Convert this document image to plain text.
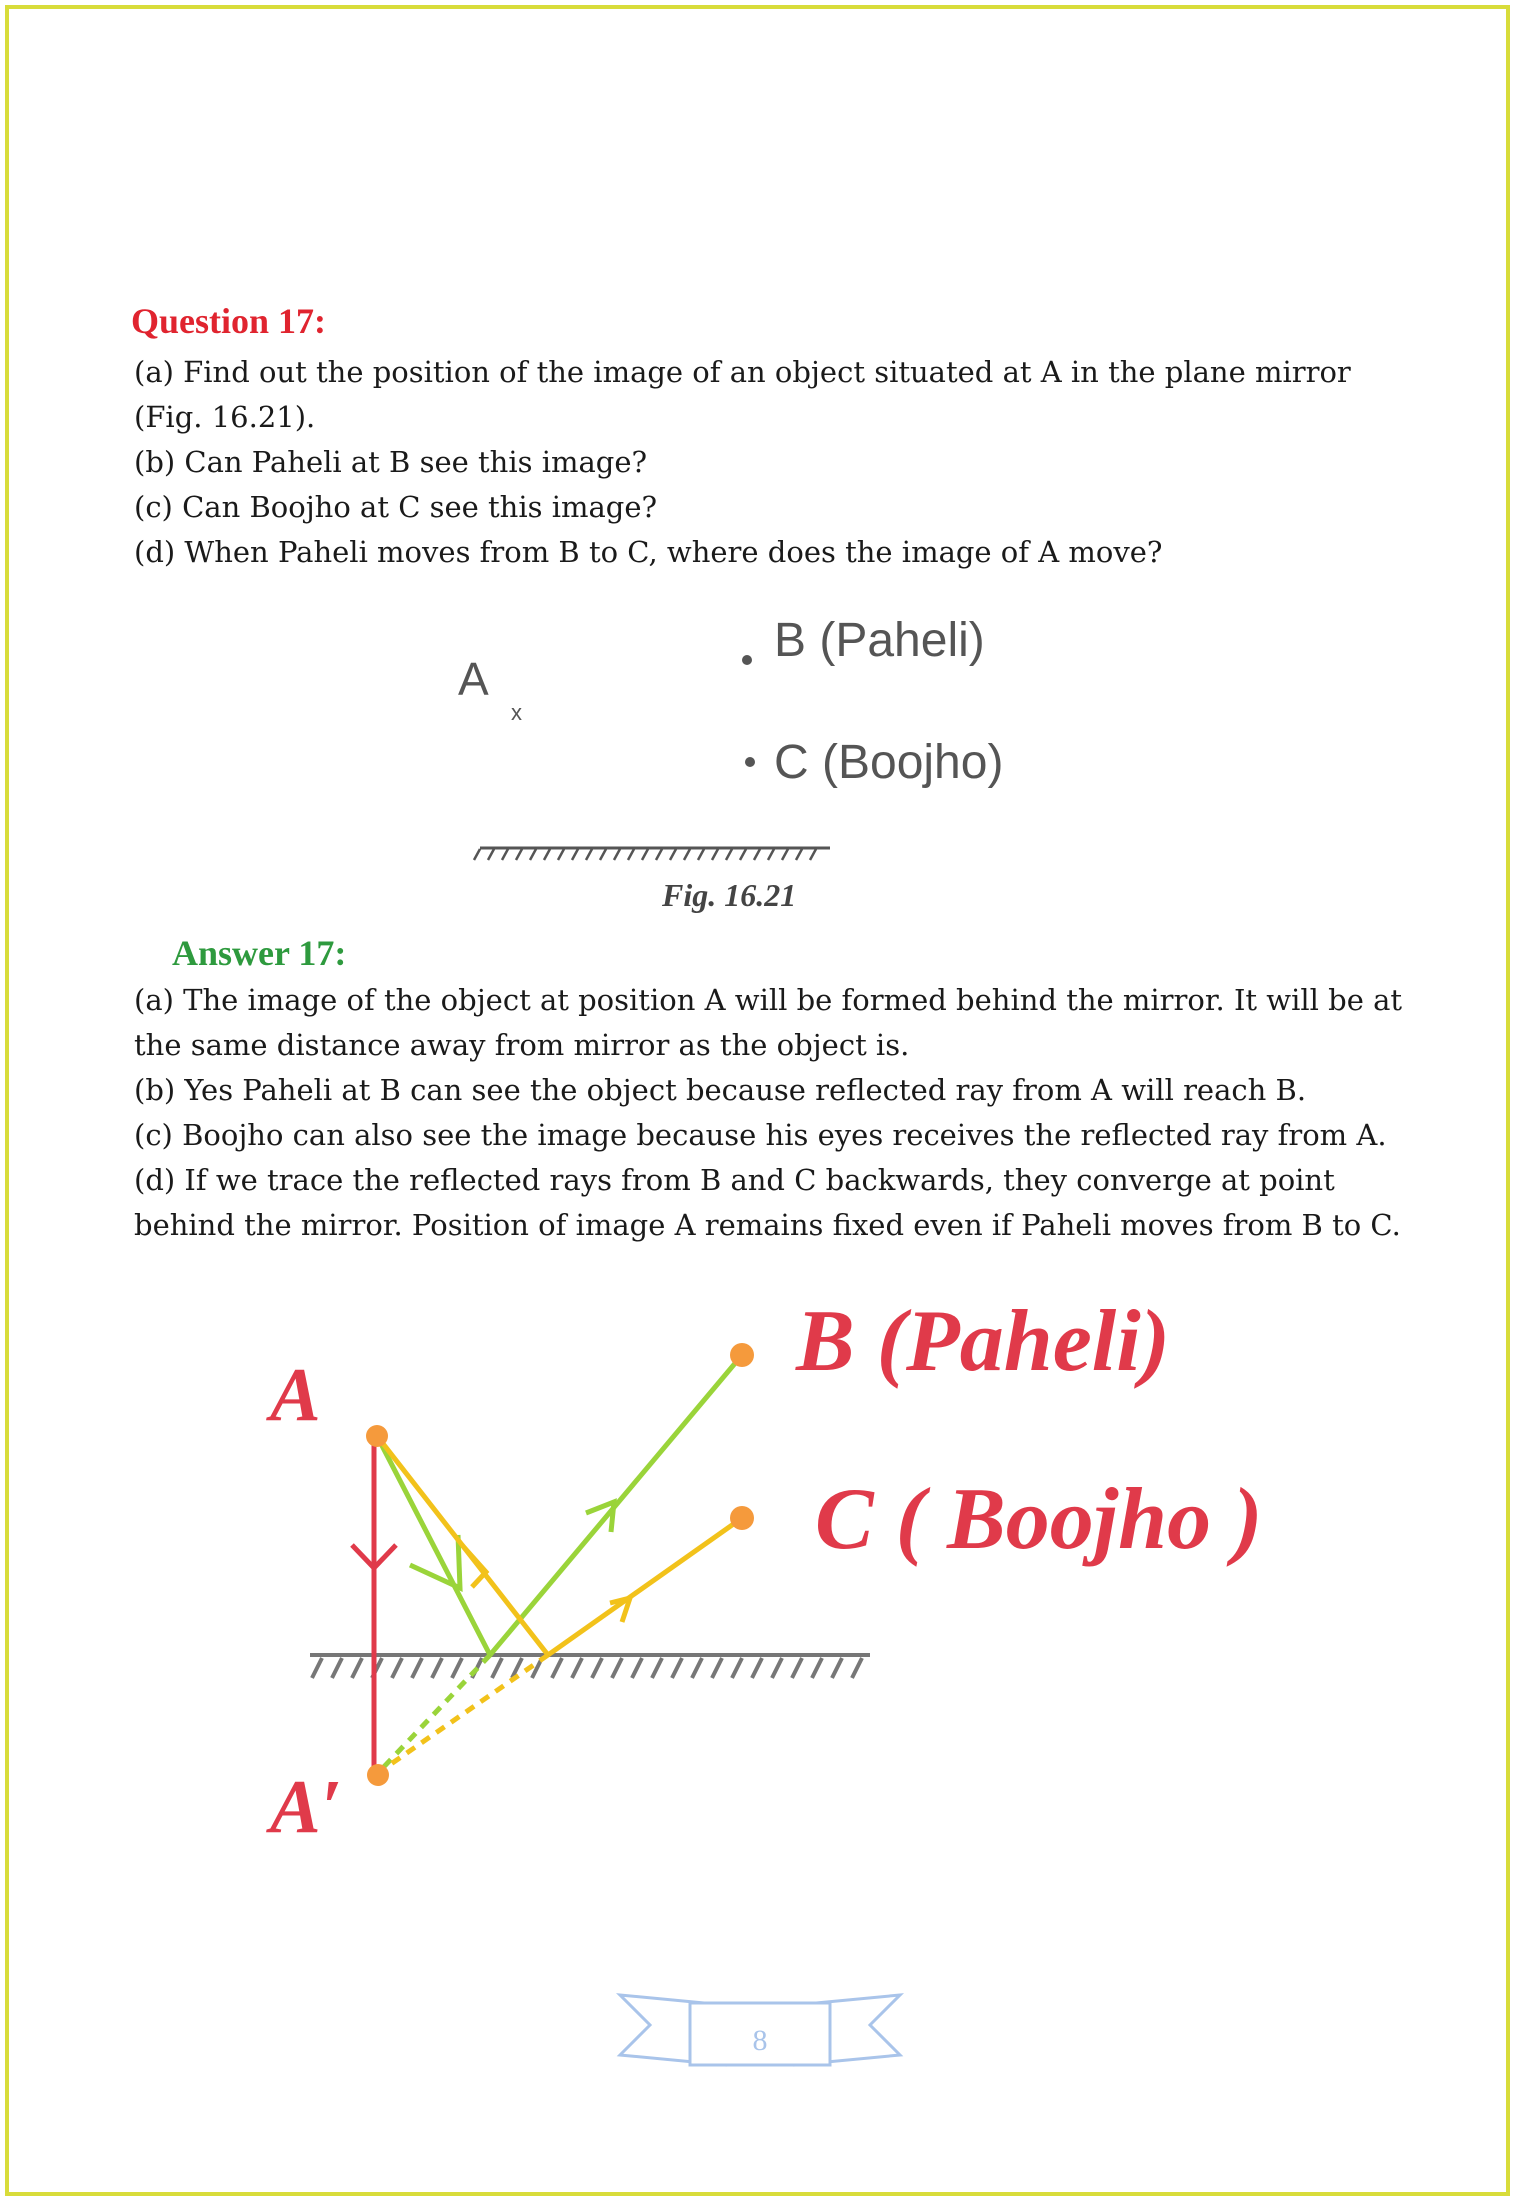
Question 17:
(a) Find out the position of the image of an object situated at A in the plane mirror (Fig. 16.21).
(b) Can Paheli at B see this image?
(c) Can Boojho at C see this image?
(d) When Paheli moves from B to C, where does the image of A move?
A
x
B (Paheli)
C (Boojho)
Fig. 16.21
Answer 17:
(a) The image of the object at position A will be formed behind the mirror. It will be at the same distance away from mirror as the object is.
(b) Yes Paheli at B can see the object because reflected ray from A will reach B.
(c) Boojho can also see the image because his eyes receives the reflected ray from A.
(d) If we trace the reflected rays from B and C backwards, they converge at point behind the mirror. Position of image A remains fixed even if Paheli moves from B to C.
A
A′
B (Paheli)
C ( Boojho )
8
